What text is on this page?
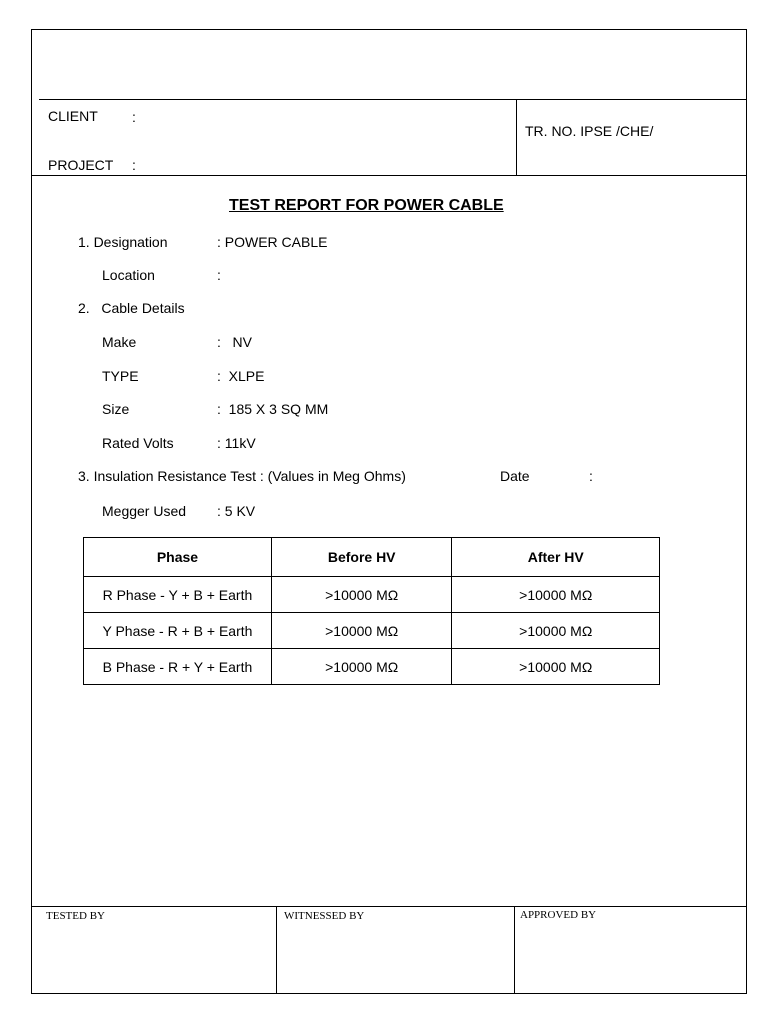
CLIENT :
PROJECT :
TR. NO. IPSE /CHE/
TEST REPORT FOR POWER CABLE
1. Designation	: POWER CABLE
Location	:
2.   Cable Details
Make	:   NV
TYPE	:  XLPE
Size	:  185 X 3 SQ MM
Rated Volts	: 11kV
3. Insulation Resistance Test : (Values in Meg Ohms)	Date	:
Megger Used : 5 KV
Phase	Before HV	After HV
R Phase - Y + B + Earth	>10000 MΩ	>10000 MΩ
Y Phase - R + B + Earth	>10000 MΩ	>10000 MΩ
B Phase - R + Y + Earth	>10000 MΩ	>10000 MΩ
TESTED BY	WITNESSED BY	APPROVED BY
